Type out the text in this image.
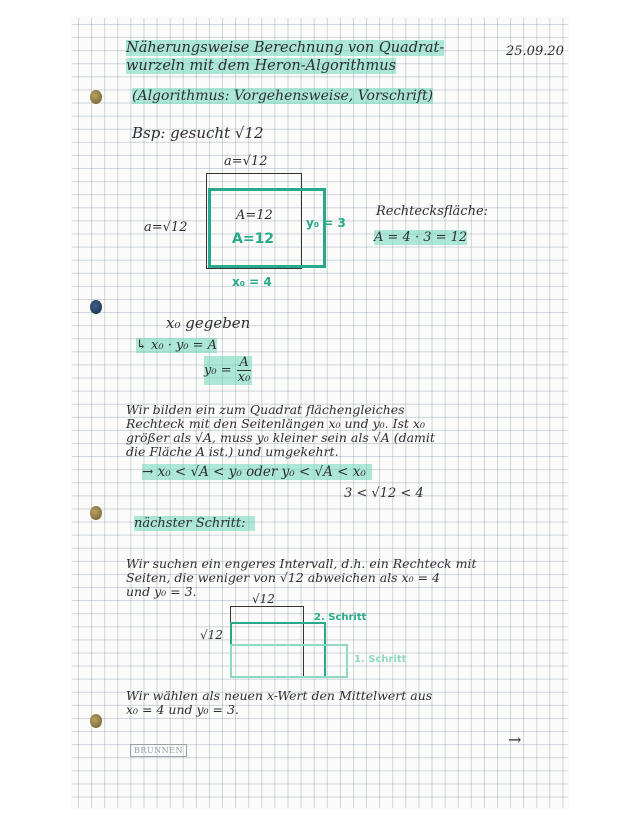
Näherungsweise Berechnung von Quadrat-
wurzeln mit dem Heron-Algorithmus
25.09.20
(Algorithmus: Vorgehensweise, Vorschrift)
Bsp: gesucht √12
a=√12
a=√12
A=12
A=12
y₀ = 3
x₀ = 4
Rechtecksfläche:
A = 4 · 3 = 12
x₀ gegeben
↳ x₀ · y₀ = A
$y_0 = \frac{A}{\text{x₀}}$
Wir bilden ein zum Quadrat flächengleiches
Rechteck mit den Seitenlängen x₀ und y₀. Ist x₀
größer als √A, muss y₀ kleiner sein als √A (damit
die Fläche A ist.) und umgekehrt.
→ x₀ < √A < y₀ oder y₀ < √A < x₀
3 < √12 < 4
nächster Schritt:
Wir suchen ein engeres Intervall, d.h. ein Rechteck mit
Seiten, die weniger von √12 abweichen als x₀ = 4
und y₀ = 3.	√12
√12
2. Schritt
1. Schritt
Wir wählen als neuen x-Wert den Mittelwert aus
x₀ = 4 und y₀ = 3.
BRUNNEN
→
